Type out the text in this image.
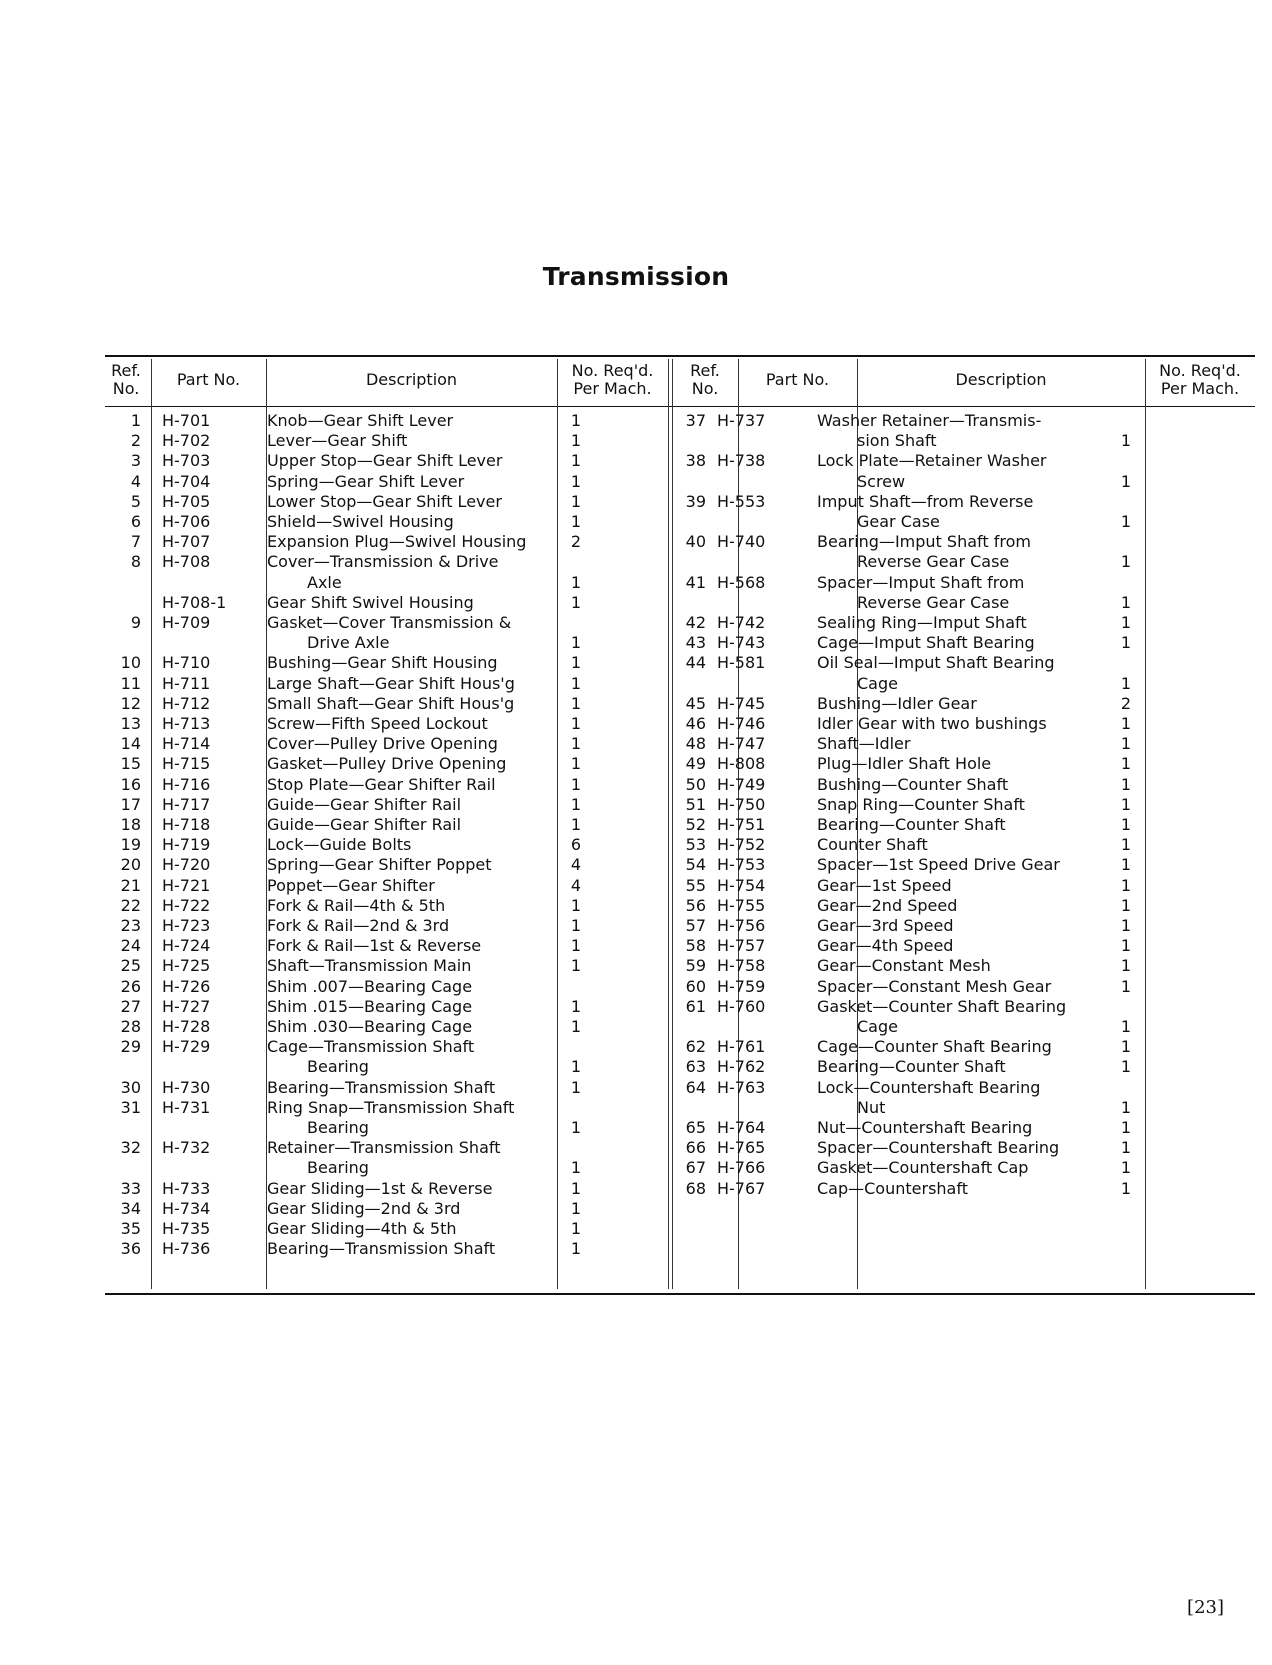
Transmission
Ref.
No.	Part No.	Description	No. Req'd.
Per Mach.
Ref.
No.	Part No.	Description	No. Req'd.
Per Mach.
1 H-701	Knob—Gear Shift Lever	1
2 H-702	Lever—Gear Shift	1
3 H-703	Upper Stop—Gear Shift Lever	1
4 H-704	Spring—Gear Shift Lever	1
5 H-705	Lower Stop—Gear Shift Lever	1
6 H-706	Shield—Swivel Housing	1
7 H-707	Expansion Plug—Swivel Housing	2
8 H-708	Cover—Transmission & Drive
Axle	1
H-708-1	Gear Shift Swivel Housing	1
9 H-709	Gasket—Cover Transmission &
Drive Axle	1
10 H-710	Bushing—Gear Shift Housing	1
11 H-711	Large Shaft—Gear Shift Hous'g	1
12 H-712	Small Shaft—Gear Shift Hous'g	1
13 H-713	Screw—Fifth Speed Lockout	1
14 H-714	Cover—Pulley Drive Opening	1
15 H-715	Gasket—Pulley Drive Opening	1
16 H-716	Stop Plate—Gear Shifter Rail	1
17 H-717	Guide—Gear Shifter Rail	1
18 H-718	Guide—Gear Shifter Rail	1
19 H-719	Lock—Guide Bolts	6
20 H-720	Spring—Gear Shifter Poppet	4
21 H-721	Poppet—Gear Shifter	4
22 H-722	Fork & Rail—4th & 5th	1
23 H-723	Fork & Rail—2nd & 3rd	1
24 H-724	Fork & Rail—1st & Reverse	1
25 H-725	Shaft—Transmission Main	1
26 H-726	Shim .007—Bearing Cage
27 H-727	Shim .015—Bearing Cage	1
28 H-728	Shim .030—Bearing Cage	1
29 H-729	Cage—Transmission Shaft
Bearing	1
30 H-730	Bearing—Transmission Shaft	1
31 H-731	Ring Snap—Transmission Shaft
Bearing	1
32 H-732	Retainer—Transmission Shaft
Bearing	1
33 H-733	Gear Sliding—1st & Reverse	1
34 H-734	Gear Sliding—2nd & 3rd	1
35 H-735	Gear Sliding—4th & 5th	1
36 H-736	Bearing—Transmission Shaft	1
37 H-737	Washer Retainer—Transmis-
sion Shaft	1
38 H-738	Lock Plate—Retainer Washer
Screw	1
39 H-553	Imput Shaft—from Reverse
Gear Case	1
40 H-740	Bearing—Imput Shaft from
Reverse Gear Case	1
41 H-568	Spacer—Imput Shaft from
Reverse Gear Case	1
42 H-742	Sealing Ring—Imput Shaft	1
43 H-743	Cage—Imput Shaft Bearing	1
44 H-581	Oil Seal—Imput Shaft Bearing
Cage	1
45 H-745	Bushing—Idler Gear	2
46 H-746	Idler Gear with two bushings	1
48 H-747	Shaft—Idler	1
49 H-808	Plug—Idler Shaft Hole	1
50 H-749	Bushing—Counter Shaft	1
51 H-750	Snap Ring—Counter Shaft	1
52 H-751	Bearing—Counter Shaft	1
53 H-752	Counter Shaft	1
54 H-753	Spacer—1st Speed Drive Gear	1
55 H-754	Gear—1st Speed	1
56 H-755	Gear—2nd Speed	1
57 H-756	Gear—3rd Speed	1
58 H-757	Gear—4th Speed	1
59 H-758	Gear—Constant Mesh	1
60 H-759	Spacer—Constant Mesh Gear	1
61 H-760	Gasket—Counter Shaft Bearing
Cage	1
62 H-761	Cage—Counter Shaft Bearing	1
63 H-762	Bearing—Counter Shaft	1
64 H-763	Lock—Countershaft Bearing
Nut	1
65 H-764	Nut—Countershaft Bearing	1
66 H-765	Spacer—Countershaft Bearing	1
67 H-766	Gasket—Countershaft Cap	1
68 H-767	Cap—Countershaft	1
[23]
